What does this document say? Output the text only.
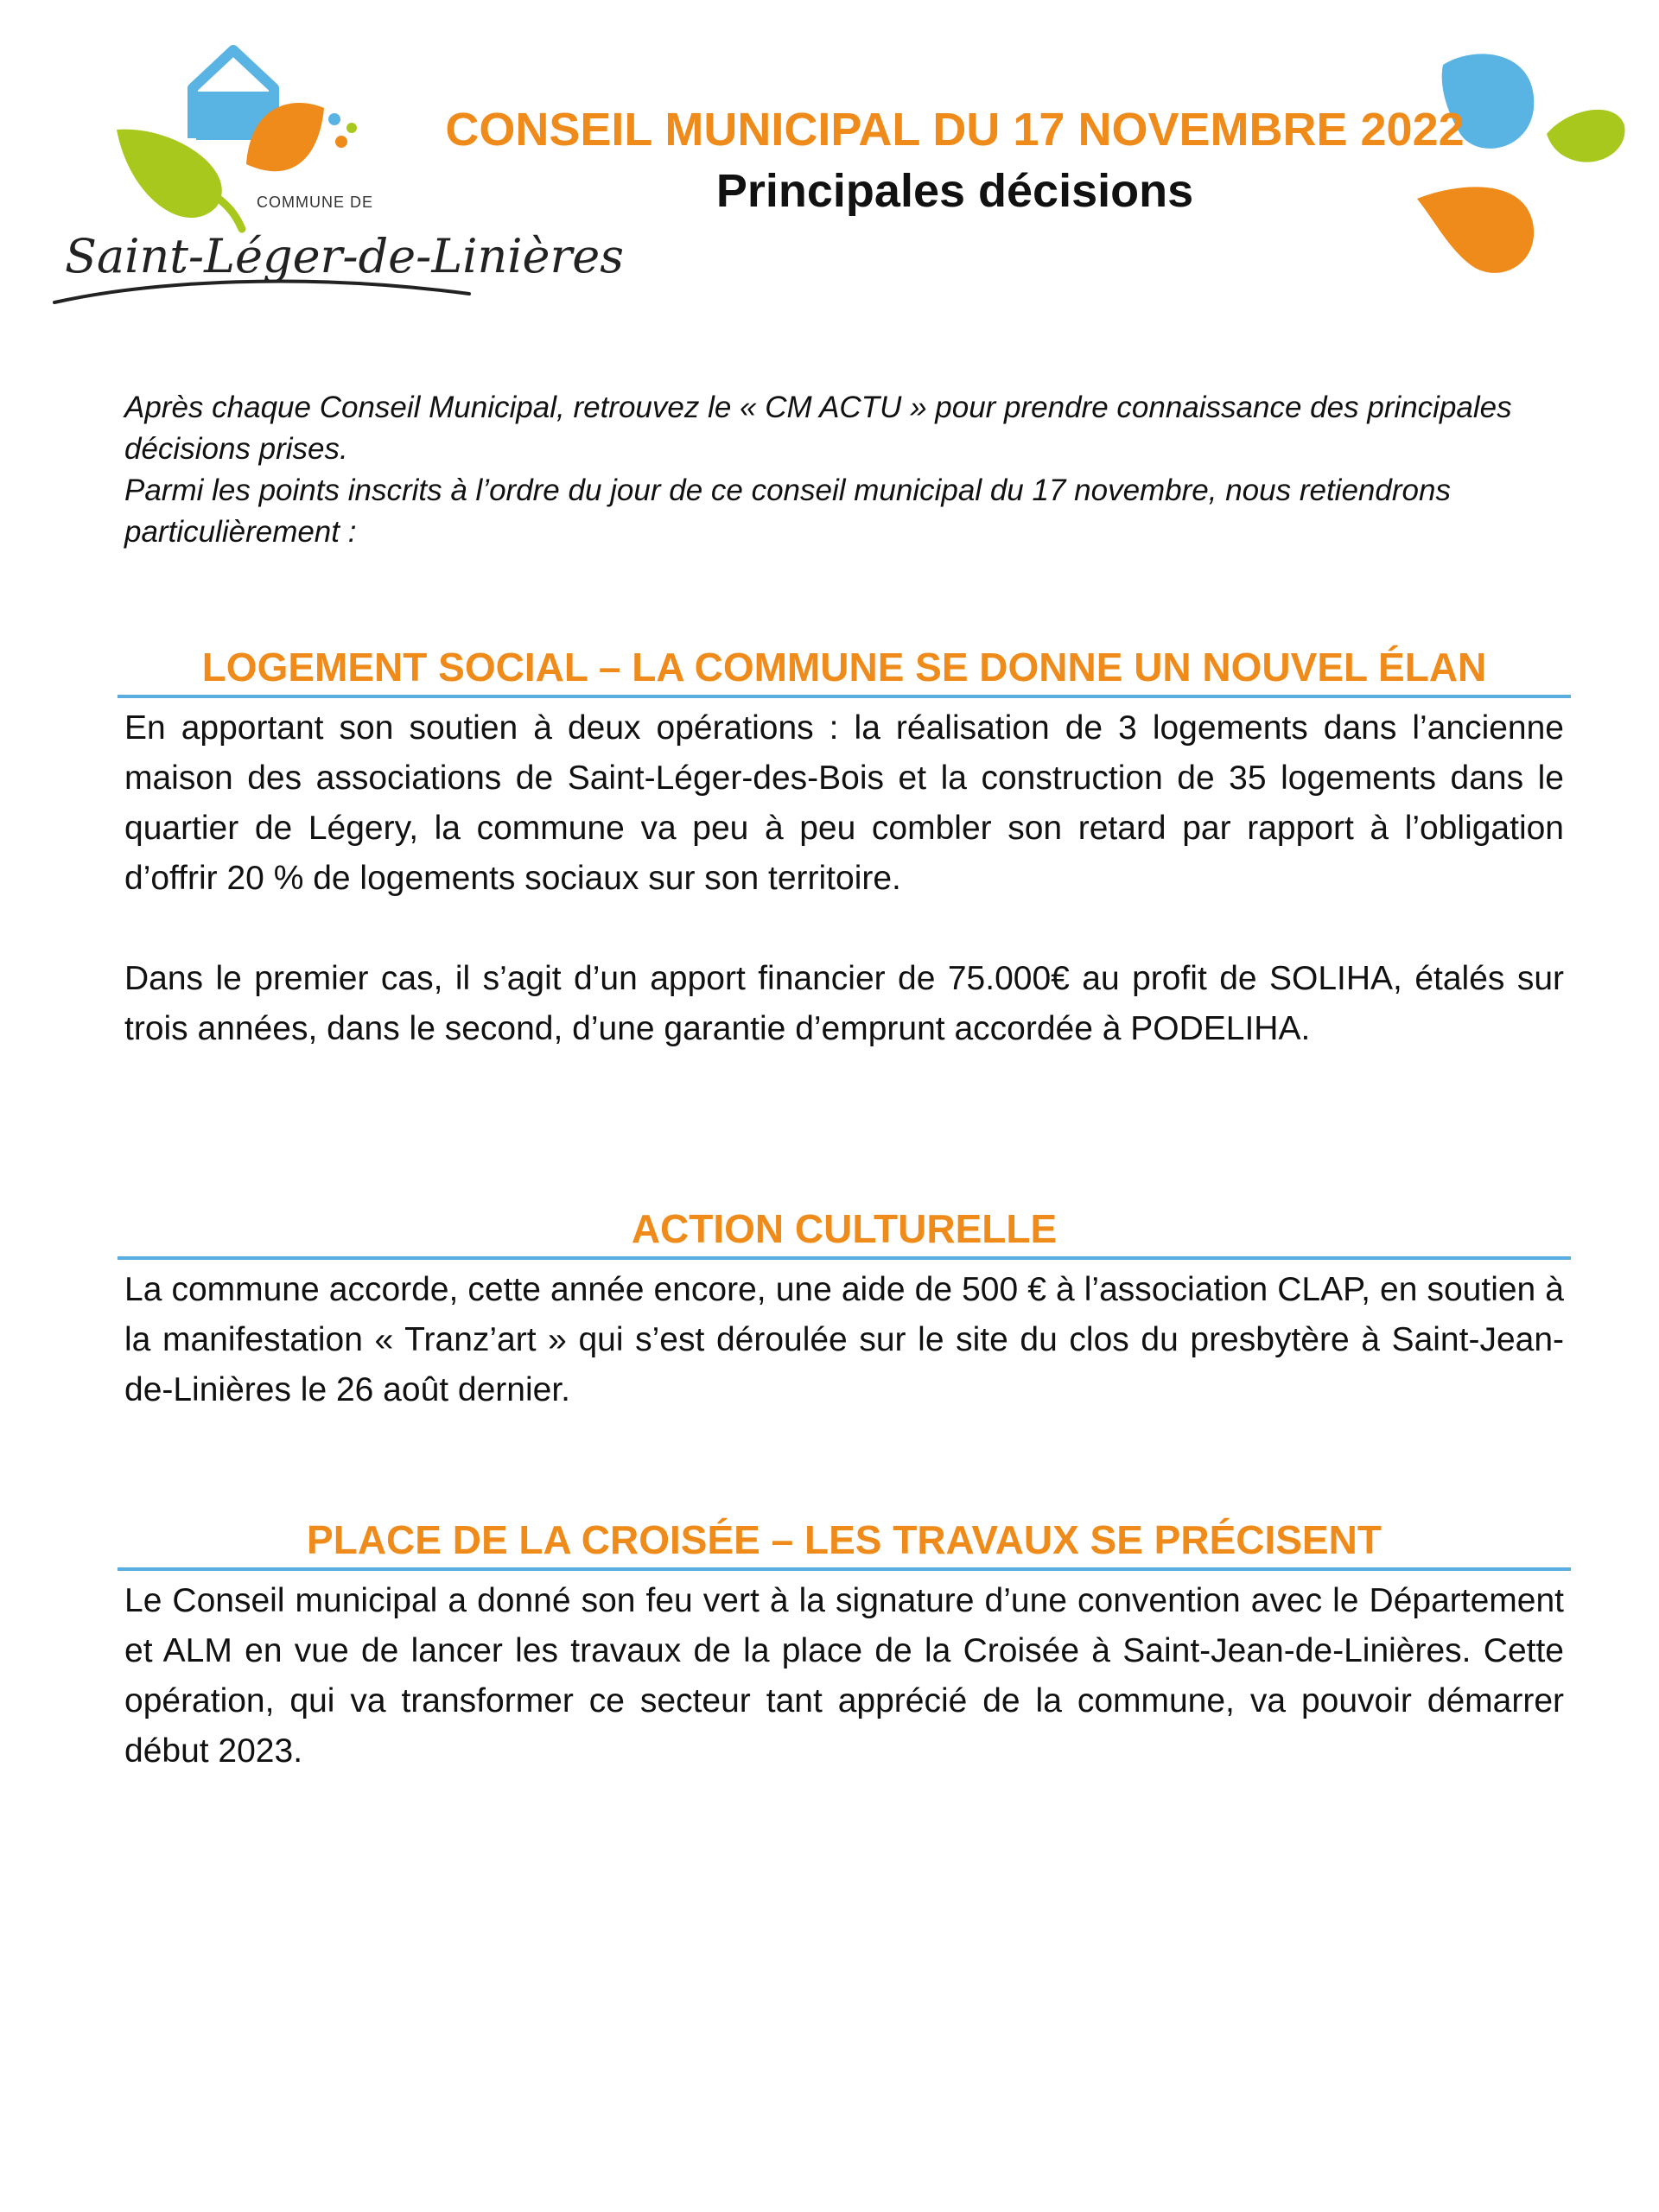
COMMUNE DE
Saint-Léger-de-Linières
CONSEIL MUNICIPAL DU 17 NOVEMBRE 2022
Principales décisions

Après chaque Conseil Municipal, retrouvez le « CM ACTU » pour prendre connaissance des principales décisions prises.

Parmi les points inscrits à l’ordre du jour de ce conseil municipal du 17 novembre, nous retiendrons particulièrement :

LOGEMENT SOCIAL – LA COMMUNE SE DONNE UN NOUVEL ÉLAN

En apportant son soutien à deux opérations : la réalisation de 3 logements dans l’ancienne maison des associations de Saint-Léger-des-Bois et la construction de 35 logements dans le quartier de Légery, la commune va peu à peu combler son retard par rapport à l’obligation d’offrir 20 % de logements sociaux sur son territoire.

Dans le premier cas, il s’agit d’un apport financier de 75.000€ au profit de SOLIHA, étalés sur trois années, dans le second, d’une garantie d’emprunt accordée à PODELIHA.

ACTION CULTURELLE

La commune accorde, cette année encore, une aide de 500 € à l’association CLAP, en soutien à la manifestation « Tranz’art » qui s’est déroulée sur le site du clos du presbytère à Saint-Jean-de-Linières le 26 août dernier.

PLACE DE LA CROISÉE – LES TRAVAUX SE PRÉCISENT

Le Conseil municipal a donné son feu vert à la signature d’une convention avec le Département et ALM en vue de lancer les travaux de la place de la Croisée à Saint-Jean-de-Linières. Cette opération, qui va transformer ce secteur tant apprécié de la commune, va pouvoir démarrer début 2023.
